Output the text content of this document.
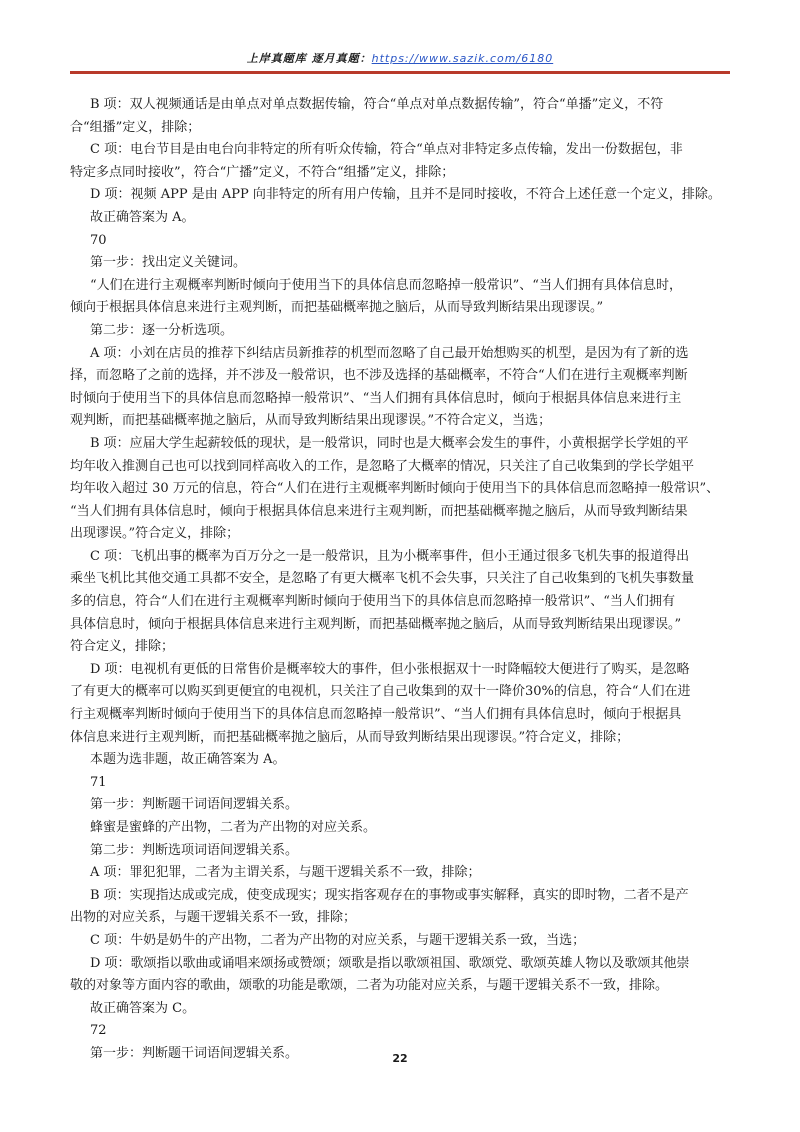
上岸真题库 逐月真题：https://www.sazik.com/6180

B 项：双人视频通话是由单点对单点数据传输，符合“单点对单点数据传输”，符合“单播”定义，不符

合“组播”定义，排除；

C 项：电台节目是由电台向非特定的所有听众传输，符合“单点对非特定多点传输，发出一份数据包，非

特定多点同时接收”，符合“广播”定义，不符合“组播”定义，排除；

D 项：视频 APP 是由 APP 向非特定的所有用户传输，且并不是同时接收，不符合上述任意一个定义，排除。

故正确答案为 A。

70

第一步：找出定义关键词。

“人们在进行主观概率判断时倾向于使用当下的具体信息而忽略掉一般常识”、“当人们拥有具体信息时，

倾向于根据具体信息来进行主观判断，而把基础概率抛之脑后，从而导致判断结果出现谬误。”

第二步：逐一分析选项。

A 项：小刘在店员的推荐下纠结店员新推荐的机型而忽略了自己最开始想购买的机型，是因为有了新的选

择，而忽略了之前的选择，并不涉及一般常识，也不涉及选择的基础概率，不符合“人们在进行主观概率判断

时倾向于使用当下的具体信息而忽略掉一般常识”、“当人们拥有具体信息时，倾向于根据具体信息来进行主

观判断，而把基础概率抛之脑后，从而导致判断结果出现谬误。”不符合定义，当选；

B 项：应届大学生起薪较低的现状，是一般常识，同时也是大概率会发生的事件，小黄根据学长学姐的平

均年收入推测自己也可以找到同样高收入的工作，是忽略了大概率的情况，只关注了自己收集到的学长学姐平

均年收入超过 30 万元的信息，符合“人们在进行主观概率判断时倾向于使用当下的具体信息而忽略掉一般常识”、

“当人们拥有具体信息时，倾向于根据具体信息来进行主观判断，而把基础概率抛之脑后，从而导致判断结果

出现谬误。”符合定义，排除；

C 项：飞机出事的概率为百万分之一是一般常识，且为小概率事件，但小王通过很多飞机失事的报道得出

乘坐飞机比其他交通工具都不安全，是忽略了有更大概率飞机不会失事，只关注了自己收集到的飞机失事数量

多的信息，符合“人们在进行主观概率判断时倾向于使用当下的具体信息而忽略掉一般常识”、“当人们拥有

具体信息时，倾向于根据具体信息来进行主观判断，而把基础概率抛之脑后，从而导致判断结果出现谬误。”

符合定义，排除；

D 项：电视机有更低的日常售价是概率较大的事件，但小张根据双十一时降幅较大便进行了购买，是忽略

了有更大的概率可以购买到更便宜的电视机，只关注了自己收集到的双十一降价30%的信息，符合“人们在进

行主观概率判断时倾向于使用当下的具体信息而忽略掉一般常识”、“当人们拥有具体信息时，倾向于根据具

体信息来进行主观判断，而把基础概率抛之脑后，从而导致判断结果出现谬误。”符合定义，排除；

本题为选非题，故正确答案为 A。

71

第一步：判断题干词语间逻辑关系。

蜂蜜是蜜蜂的产出物，二者为产出物的对应关系。

第二步：判断选项词语间逻辑关系。

A 项：罪犯犯罪，二者为主谓关系，与题干逻辑关系不一致，排除；

B 项：实现指达成或完成，使变成现实；现实指客观存在的事物或事实解释，真实的即时物，二者不是产

出物的对应关系，与题干逻辑关系不一致，排除；

C 项：牛奶是奶牛的产出物，二者为产出物的对应关系，与题干逻辑关系一致，当选；

D 项：歌颂指以歌曲或诵唱来颂扬或赞颂；颂歌是指以歌颂祖国、歌颂党、歌颂英雄人物以及歌颂其他崇

敬的对象等方面内容的歌曲，颂歌的功能是歌颂，二者为功能对应关系，与题干逻辑关系不一致，排除。

故正确答案为 C。

72

第一步：判断题干词语间逻辑关系。	22
